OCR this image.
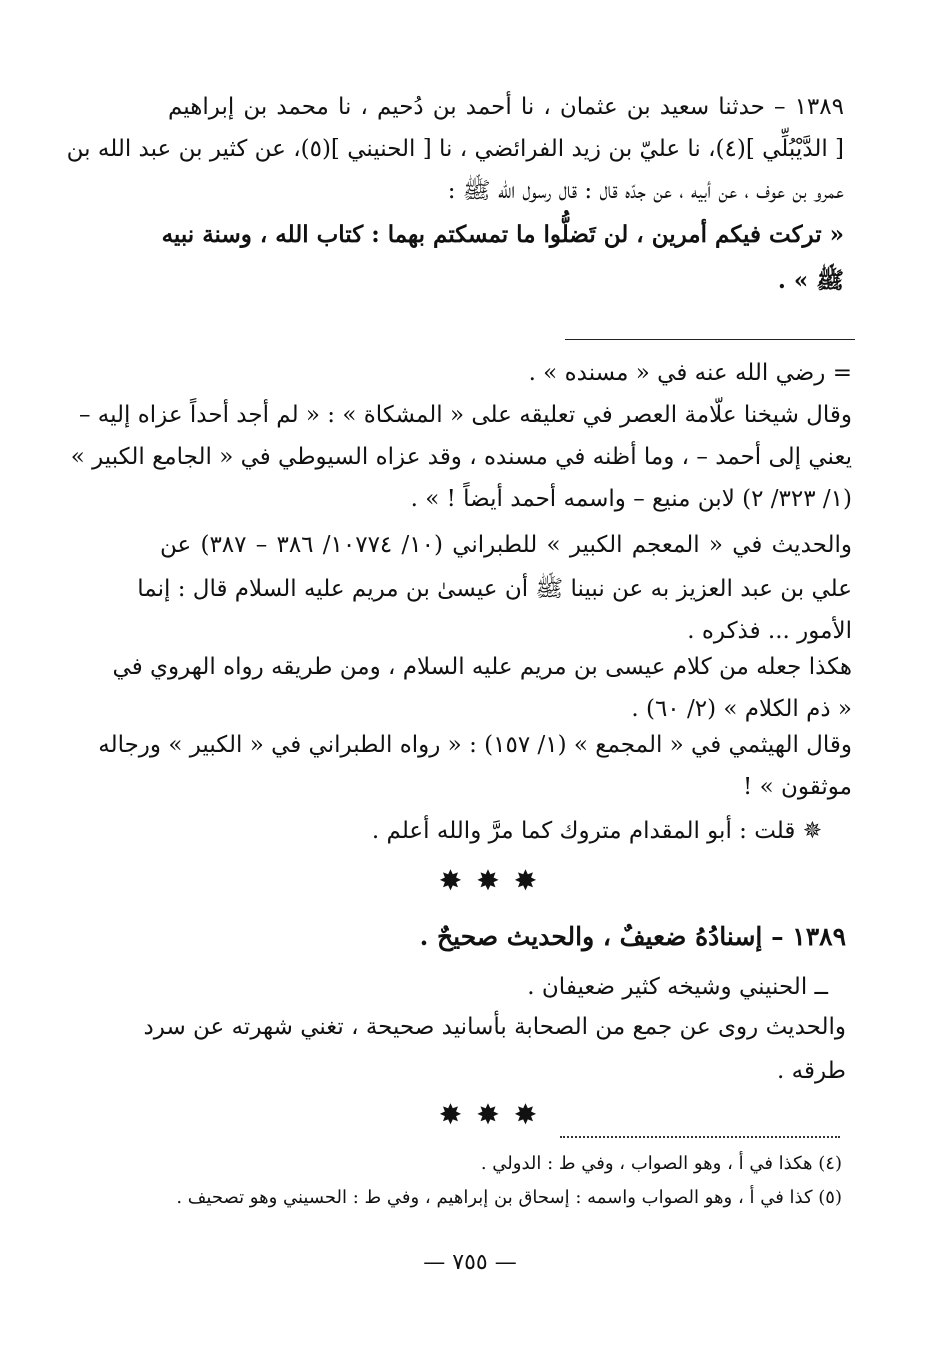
١٣٨٩ – حدثنا سعيد بن عثمان ، نا أحمد بن دُحيم ، نا محمد بن إبراهيم
[ الدَّيْبُلِّي ](٤)، نا عليّ بن زيد الفرائضي ، نا [ الحنيني ](٥)، عن كثير بن عبد الله بن
عمرو بن عوف ، عن أبيه ، عن جدّه قال : قال رسول الله ﷺ :
« تركت فيكم أمرين ، لن تَضلُّوا ما تمسكتم بهما : كتاب الله ، وسنة نبيه
ﷺ » .
= رضي الله عنه في « مسنده » .
وقال شيخنا علّامة العصر في تعليقه على « المشكاة » : « لم أجد أحداً عزاه إليه –
يعني إلى أحمد – ، وما أظنه في مسنده ، وقد عزاه السيوطي في « الجامع الكبير »
(١/ ٣٢٣/ ٢) لابن منيع – واسمه أحمد أيضاً ! » .
والحديث في « المعجم الكبير » للطبراني (١٠/ ١٠٧٧٤/ ٣٨٦ – ٣٨٧) عن
علي بن عبد العزيز به عن نبينا ﷺ أن عيسىٰ بن مريم عليه السلام قال : إنما
الأمور ... فذكره .
هكذا جعله من كلام عيسى بن مريم عليه السلام ، ومن طريقه رواه الهروي في
« ذم الكلام » (٢/ ٦٠) .
وقال الهيثمي في « المجمع » (١/ ١٥٧) : « رواه الطبراني في « الكبير » ورجاله
موثقون » !
✵ قلت : أبو المقدام متروك كما مرَّ والله أعلم .
✸✸✸
١٣٨٩ – إسنادُهُ ضعيفٌ ، والحديث صحيحٌ .
ــ الحنيني وشيخه كثير ضعيفان .
والحديث روى عن جمع من الصحابة بأسانيد صحيحة ، تغني شهرته عن سرد
طرقه .
✸✸✸
(٤) هكذا في أ ، وهو الصواب ، وفي ط : الدولي .
(٥) كذا في أ ، وهو الصواب واسمه : إسحاق بن إبراهيم ، وفي ط : الحسيني وهو تصحيف .
— ٧٥٥ —
